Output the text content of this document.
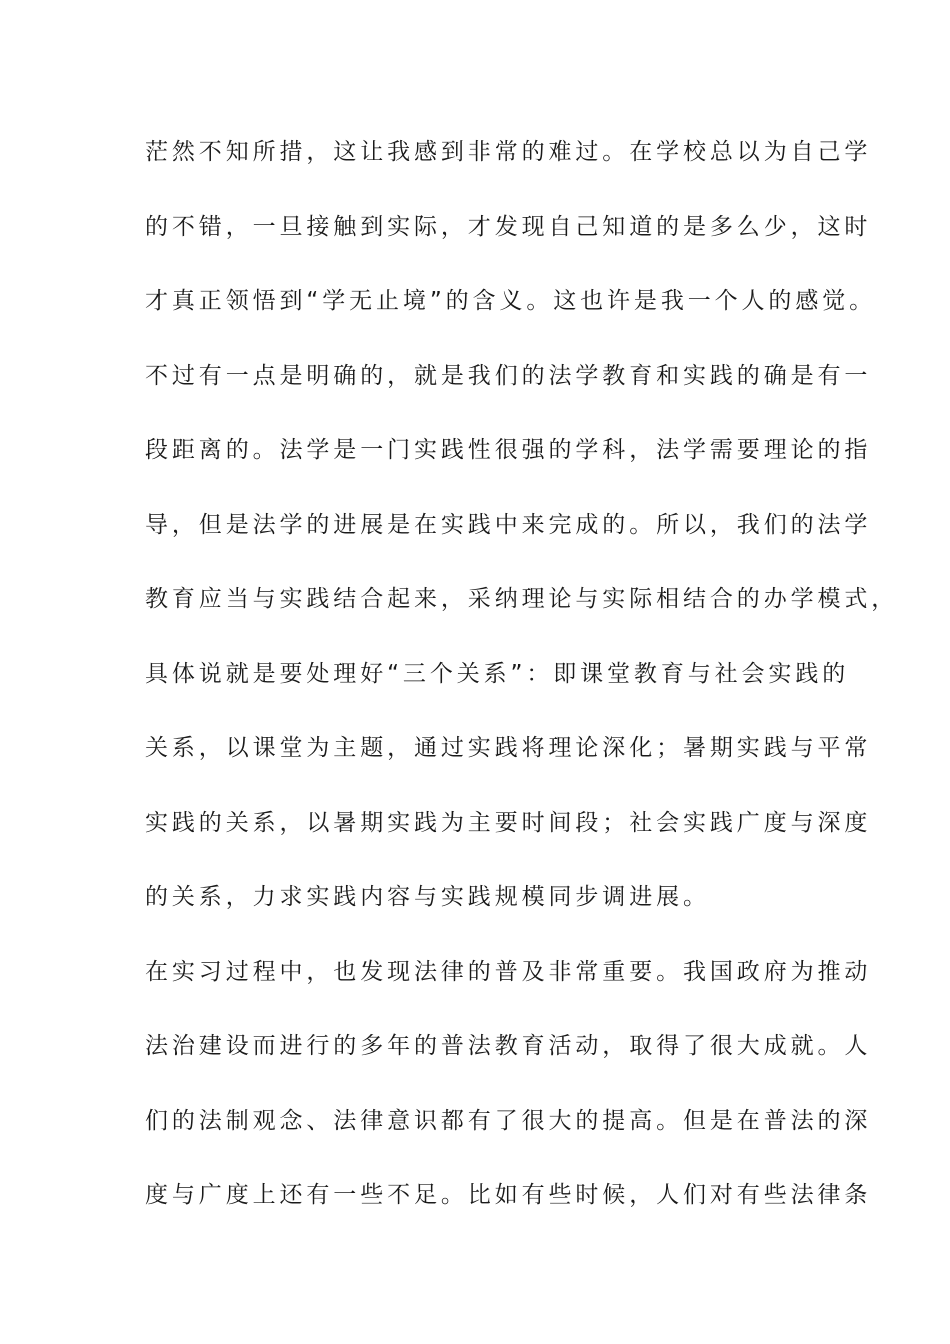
茫然不知所措，这让我感到非常的难过。在学校总以为自己学
的不错，一旦接触到实际，才发现自己知道的是多么少，这时
才真正领悟到“学无止境”的含义。这也许是我一个人的感觉。
不过有一点是明确的，就是我们的法学教育和实践的确是有一
段距离的。法学是一门实践性很强的学科，法学需要理论的指
导，但是法学的进展是在实践中来完成的。所以，我们的法学
教育应当与实践结合起来，采纳理论与实际相结合的办学模式，
具体说就是要处理好“三个关系”：即课堂教育与社会实践的
关系，以课堂为主题，通过实践将理论深化；暑期实践与平常
实践的关系，以暑期实践为主要时间段；社会实践广度与深度
的关系，力求实践内容与实践规模同步调进展。
在实习过程中，也发现法律的普及非常重要。我国政府为推动
法治建设而进行的多年的普法教育活动，取得了很大成就。人
们的法制观念、法律意识都有了很大的提高。但是在普法的深
度与广度上还有一些不足。比如有些时候，人们对有些法律条
